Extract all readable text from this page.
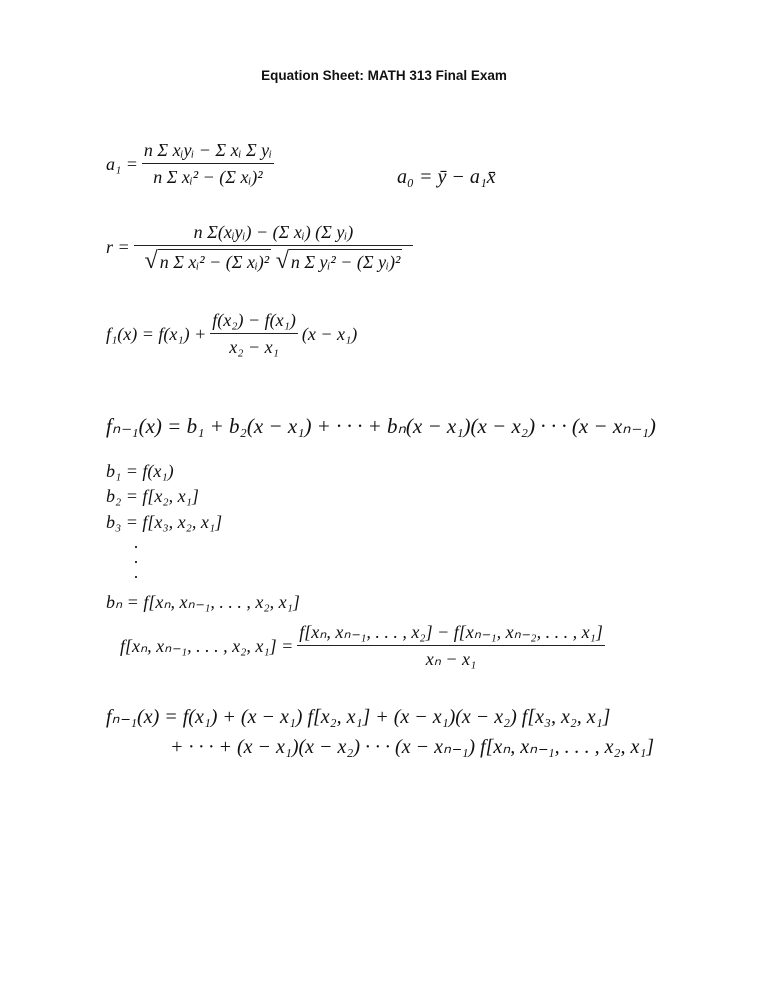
Equation Sheet: MATH 313 Final Exam
$a_1 = \frac{\text{n Σ xᵢyᵢ − Σ xᵢ Σ yᵢ}}{\text{n Σ xᵢ² − (Σ xᵢ)²}}$	a₀ = ȳ − a₁x̄
r = n Σ(xᵢyᵢ) − (Σ xᵢ) (Σ yᵢ)
√ n Σ xᵢ² − (Σ xᵢ)²
√ n Σ yᵢ² − (Σ yᵢ)²
$f_1(x) = f(x_1) + \frac{\text{f(x₂) − f(x₁)}}{\text{x₂ − x₁}} (x - x_1)$
fₙ₋₁(x) = b₁ + b₂(x − x₁) + · · · + bₙ(x − x₁)(x − x₂) · · · (x − xₙ₋₁)
b₁ = f(x₁)
b₂ = f[x₂, x₁]
b₃ = f[x₃, x₂, x₁]
·
·
·
bₙ = f[xₙ, xₙ₋₁, . . . , x₂, x₁]
f[xₙ, xₙ₋₁, . . . , x₂, $x_1] = \frac{\text{f[xₙ, xₙ₋₁, . . . , x₂] − f[xₙ₋₁, xₙ₋₂, . . . , x₁]}}{\text{xₙ − x₁}}$
fₙ₋₁(x) = f(x₁) + (x − x₁) f[x₂, x₁] + (x − x₁)(x − x₂) f[x₃, x₂, x₁]
+ · · · + (x − x₁)(x − x₂) · · · (x − xₙ₋₁) f[xₙ, xₙ₋₁, . . . , x₂, x₁]
